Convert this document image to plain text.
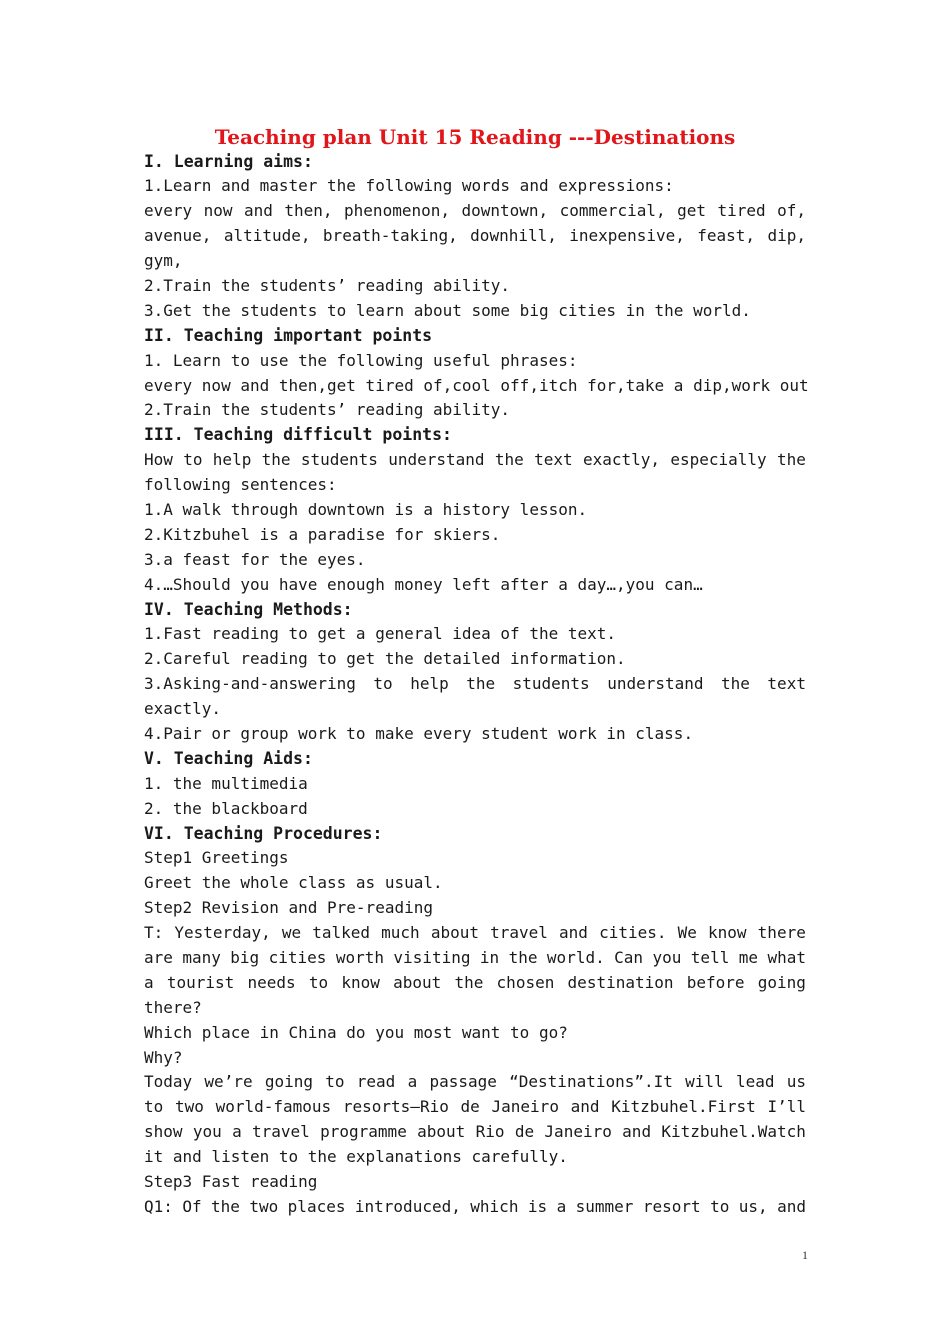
Teaching plan Unit 15 Reading ---Destinations
I. Learning aims:
1.Learn and master the following words and expressions:
every now and then, phenomenon, downtown, commercial, get tired of,
avenue, altitude, breath-taking, downhill, inexpensive, feast, dip,
gym,
2.Train the students’ reading ability.
3.Get the students to learn about some big cities in the world.
II. Teaching important points
1. Learn to use the following useful phrases:
every now and then,get tired of,cool off,itch for,take a dip,work out
2.Train the students’ reading ability.
III. Teaching difficult points:
How to help the students understand the text exactly, especially the
following sentences:
1.A walk through downtown is a history lesson.
2.Kitzbuhel is a paradise for skiers.
3.a feast for the eyes.
4.…Should you have enough money left after a day…,you can…
IV. Teaching Methods:
1.Fast reading to get a general idea of the text.
2.Careful reading to get the detailed information.
3.Asking-and-answering to help the students understand the text
exactly.
4.Pair or group work to make every student work in class.
V. Teaching Aids:
1. the multimedia
2. the blackboard
VI. Teaching Procedures:
Step1 Greetings
Greet the whole class as usual.
Step2 Revision and Pre-reading
T: Yesterday, we talked much about travel and cities. We know there
are many big cities worth visiting in the world. Can you tell me what
a tourist needs to know about the chosen destination before going
there?
Which place in China do you most want to go?
Why?
Today we’re going to read a passage “Destinations”.It will lead us
to two world-famous resorts—Rio de Janeiro and Kitzbuhel.First I’ll
show you a travel programme about Rio de Janeiro and Kitzbuhel.Watch
it and listen to the explanations carefully.
Step3 Fast reading
Q1: Of the two places introduced, which is a summer resort to us, and
1
